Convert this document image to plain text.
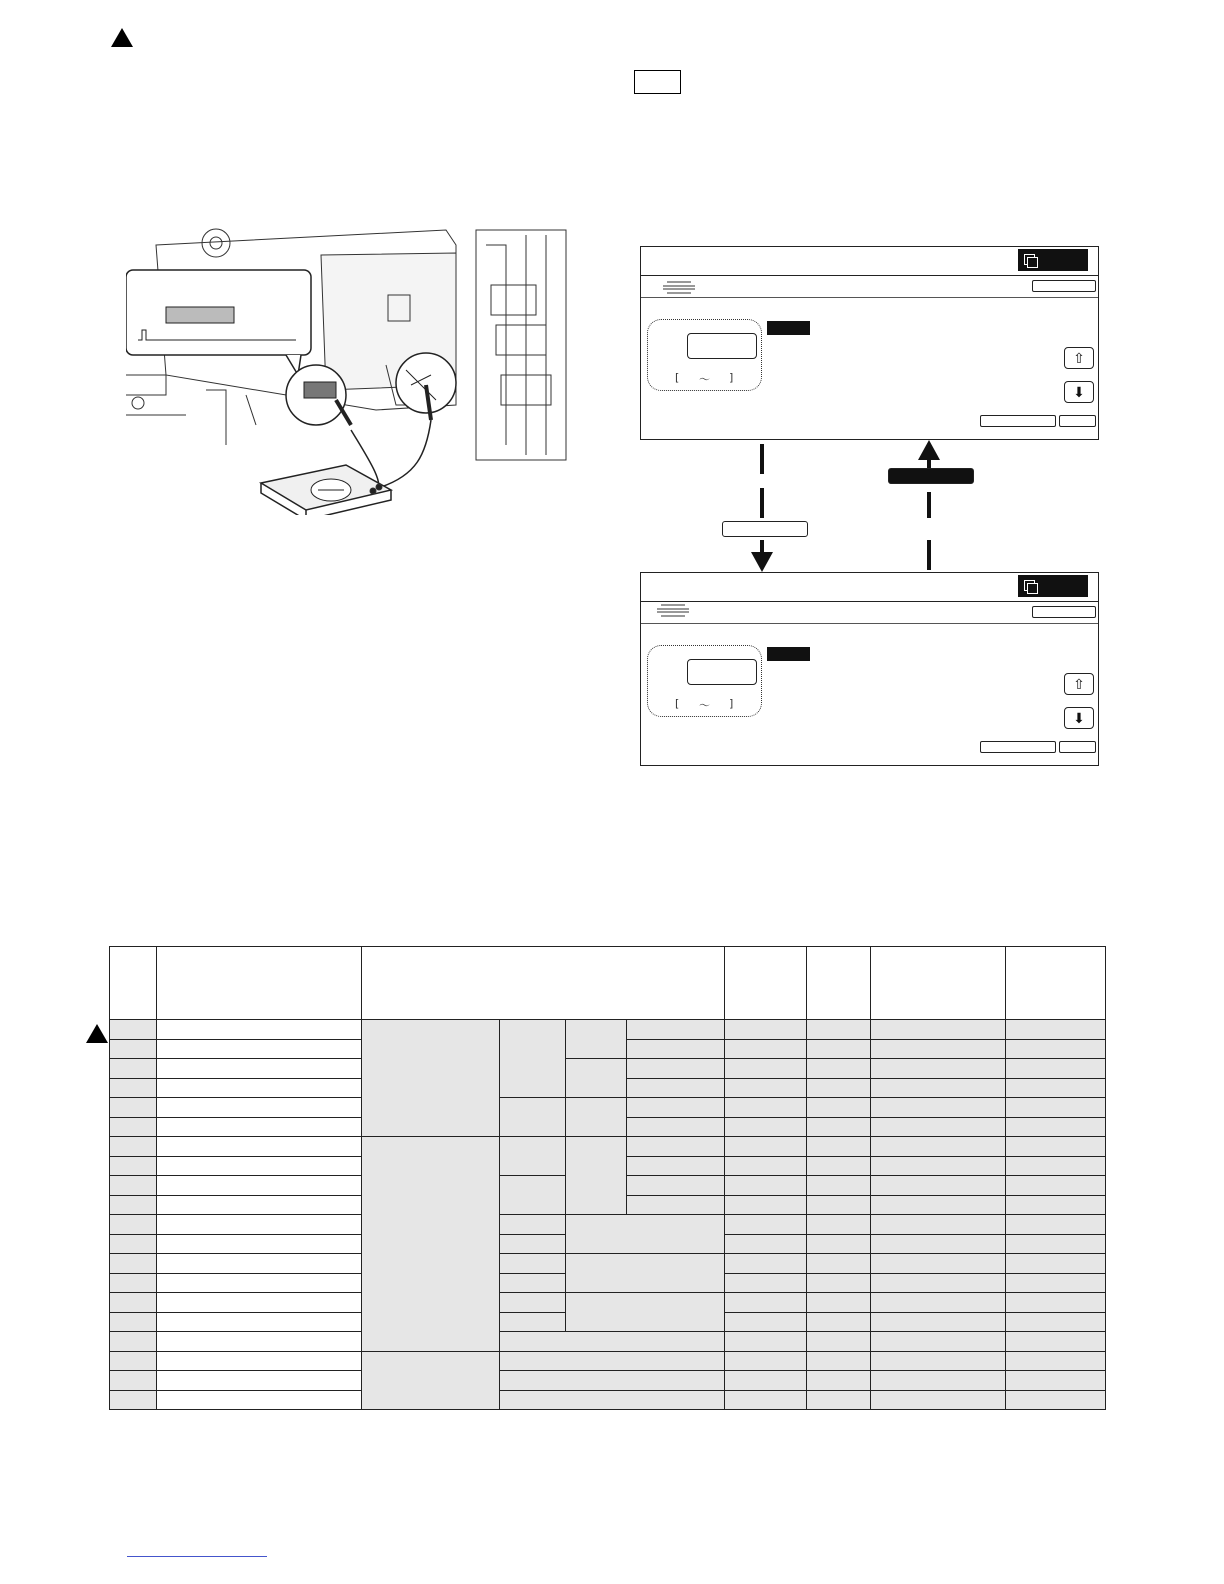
[ ～ ]
⇧
⬇
[ ～ ]
⇧
⬇
